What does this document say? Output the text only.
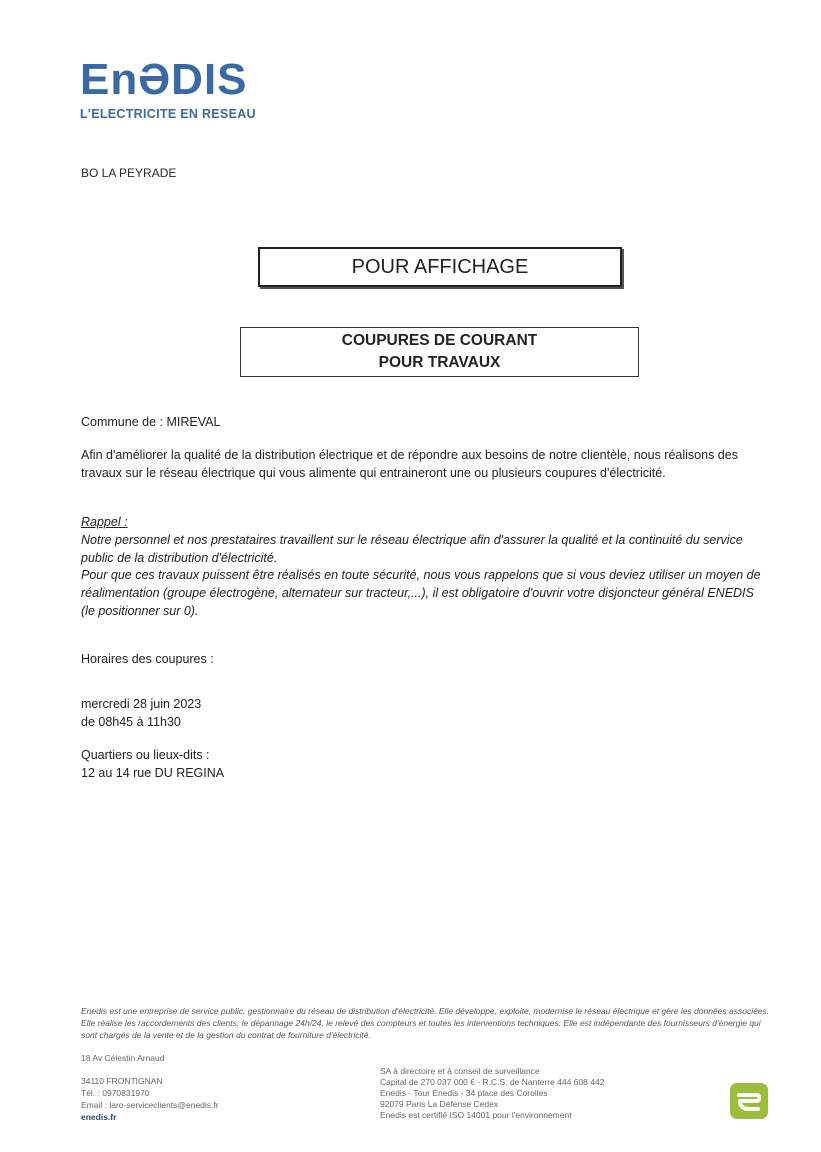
EnƏDIS
L'ELECTRICITE EN RESEAU
BO LA PEYRADE
POUR AFFICHAGE
COUPURES DE COURANT
POUR TRAVAUX
Commune de : MIREVAL
Afin d'améliorer la qualité de la distribution électrique et de répondre aux besoins de notre clientèle, nous réalisons des travaux sur le réseau électrique qui vous alimente qui entraineront une ou plusieurs coupures d'électricité.
Rappel :
Notre personnel et nos prestataires travaillent sur le réseau électrique afin d'assurer la qualité et la continuité du service public de la distribution d'électricité.
Pour que ces travaux puissent être réalisés en toute sécurité, nous vous rappelons que si vous deviez utiliser un moyen de réalimentation (groupe électrogène, alternateur sur tracteur,...), il est obligatoire d'ouvrir votre disjoncteur général ENEDIS (le positionner sur 0).
Horaires des coupures :
mercredi 28 juin 2023
de 08h45 à 11h30
Quartiers ou lieux-dits :
12 au 14 rue DU REGINA
Enedis est une entreprise de service public, gestionnaire du réseau de distribution d'électricité. Elle développe, exploite, modernise le réseau électrique et gère les données associées. Elle réalise les raccordements des clients, le dépannage 24h/24, le relevé des compteurs et toutes les interventions techniques. Elle est indépendante des fournisseurs d'énergie qui sont chargés de la vente et de la gestion du contrat de fourniture d'électricité.
18 Av Célestin Arnaud
34110 FRONTIGNAN
Tél. : 0970831970
Email : laro-serviceclients@enedis.fr
enedis.fr
SA à directoire et à conseil de surveillance
Capital de 270 037 000 € - R.C.S. de Nanterre 444 608 442
Enedis - Tour Enedis - 34 place des Corolles
92079 Paris La Défense Cedex
Enedis est certifié ISO 14001 pour l'environnement
